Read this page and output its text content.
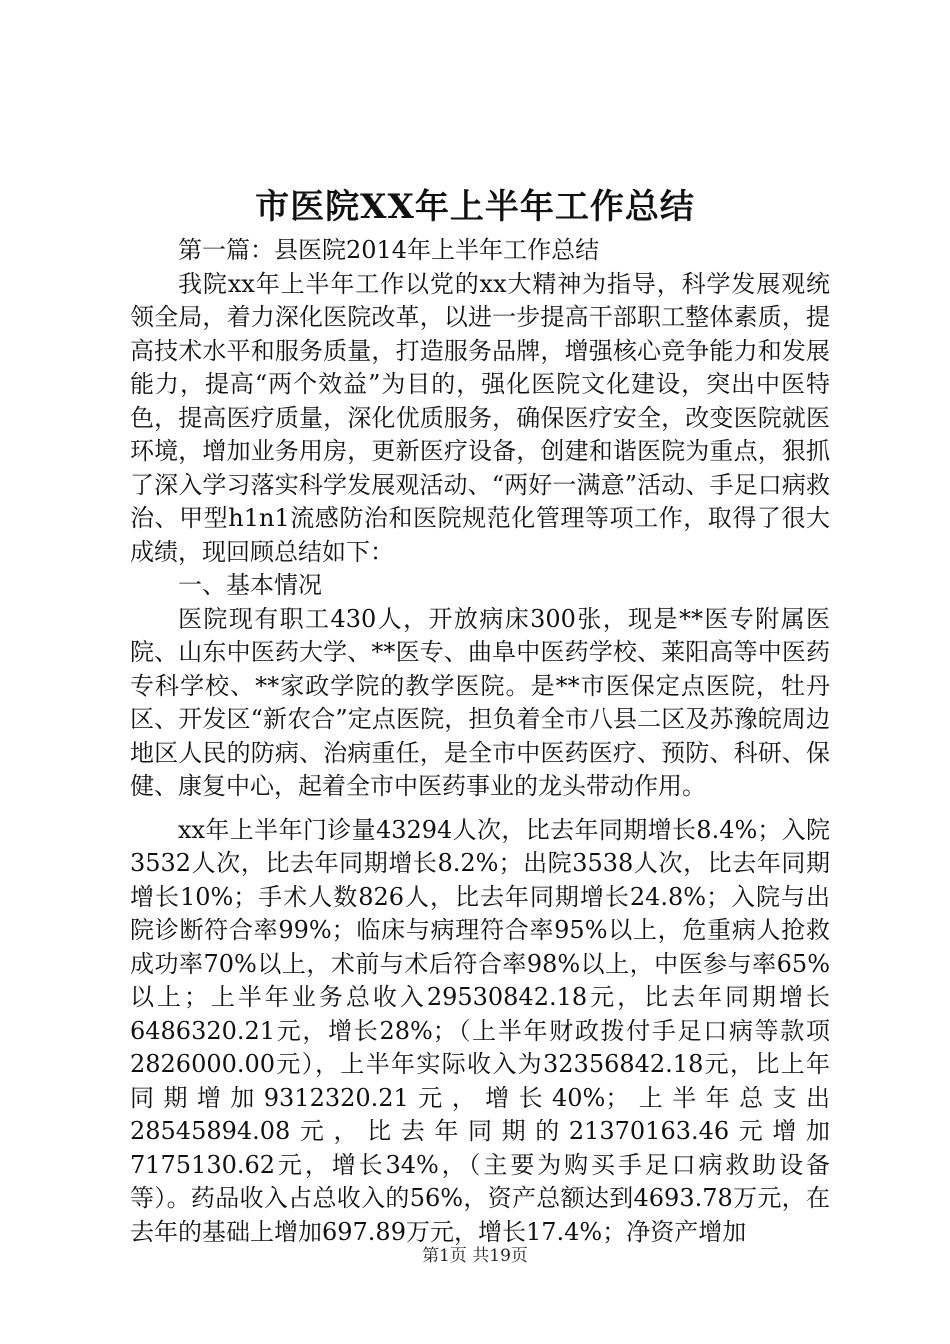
市医院XX年上半年工作总结

第一篇：县医院2014年上半年工作总结

我院xx年上半年工作以党的xx大精神为指导，科学发展观统领全局，着力深化医院改革，以进一步提高干部职工整体素质，提高技术水平和服务质量，打造服务品牌，增强核心竞争能力和发展能力，提高“两个效益”为目的，强化医院文化建设，突出中医特色，提高医疗质量，深化优质服务，确保医疗安全，改变医院就医环境，增加业务用房，更新医疗设备，创建和谐医院为重点，狠抓了深入学习落实科学发展观活动、“两好一满意”活动、手足口病救治、甲型h1n1流感防治和医院规范化管理等项工作，取得了很大成绩，现回顾总结如下：

一、基本情况

医院现有职工430人，开放病床300张，现是**医专附属医院、山东中医药大学、**医专、曲阜中医药学校、莱阳高等中医药专科学校、**家政学院的教学医院。是**市医保定点医院，牡丹区、开发区“新农合”定点医院，担负着全市八县二区及苏豫皖周边地区人民的防病、治病重任，是全市中医药医疗、预防、科研、保健、康复中心，起着全市中医药事业的龙头带动作用。

xx年上半年门诊量43294人次，比去年同期增长8.4%；入院3532人次，比去年同期增长8.2%；出院3538人次，比去年同期增长10%；手术人数826人，比去年同期增长24.8%；入院与出院诊断符合率99%；临床与病理符合率95%以上，危重病人抢救成功率70%以上，术前与术后符合率98%以上，中医参与率65%以上；上半年业务总收入29530842.18元，比去年同期增长6486320.21元，增长28%；（上半年财政拨付手足口病等款项2826000.00元），上半年实际收入为32356842.18元，比上年同期增加9312320.21元，增长40%；上半年总支出28545894.08元，比去年同期的21370163.46元增加7175130.62元，增长34%，（主要为购买手足口病救助设备等）。药品收入占总收入的56%，资产总额达到4693.78万元，在去年的基础上增加697.89万元，增长17.4%；净资产增加

第1页 共19页
